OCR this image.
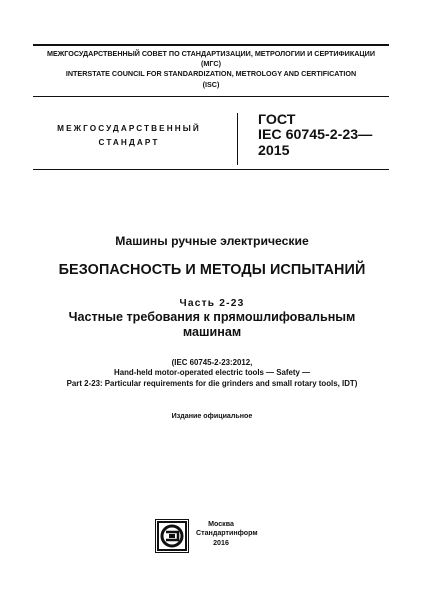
МЕЖГОСУДАРСТВЕННЫЙ СОВЕТ ПО СТАНДАРТИЗАЦИИ, МЕТРОЛОГИИ И СЕРТИФИКАЦИИ
(МГС)
INTERSTATE COUNCIL FOR STANDARDIZATION, METROLOGY AND CERTIFICATION
(ISC)
МЕЖГОСУДАРСТВЕННЫЙ
СТАНДАРТ
ГОСТ
IEC 60745-2-23—
2015
Машины ручные электрические
БЕЗОПАСНОСТЬ И МЕТОДЫ ИСПЫТАНИЙ
Часть 2-23
Частные требования к прямошлифовальным
машинам
(IEC 60745-2-23:2012,
Hand-held motor-operated electric tools — Safety —
Part 2-23: Particular requirements for die grinders and small rotary tools, IDT)
Издание официальное
Москва
Стандартинформ
2016
